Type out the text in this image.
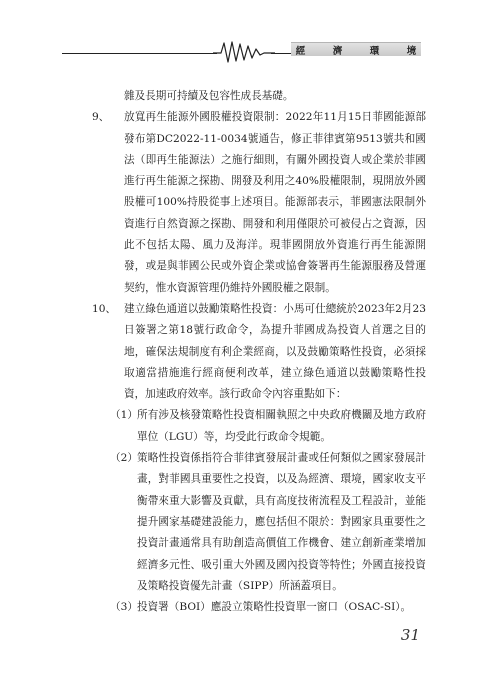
經　濟　環　境

雜及長期可持續及包容性成長基礎。

9、 放寬再生能源外國股權投資限制：2022年11月15日菲國能源部發布第DC2022-11-0034號通告，修正菲律賓第9513號共和國法（即再生能源法）之施行細則，有關外國投資人或企業於菲國進行再生能源之探勘、開發及利用之40%股權限制，現開放外國股權可100%持股從事上述項目。能源部表示，菲國憲法限制外資進行自然資源之探勘、開發和利用僅限於可被侵占之資源，因此不包括太陽、風力及海洋。現菲國開放外資進行再生能源開發，或是與菲國公民或外資企業或協會簽署再生能源服務及營運契約，惟水資源管理仍維持外國股權之限制。
10、 建立綠色通道以鼓勵策略性投資：小馬可仕總統於2023年2月23日簽署之第18號行政命令，為提升菲國成為投資人首選之目的地，確保法規制度有利企業經商，以及鼓勵策略性投資，必須採取適當措施進行經商便利改革，建立綠色通道以鼓勵策略性投資，加速政府效率。該行政命令內容重點如下：
（1） 所有涉及核發策略性投資相關執照之中央政府機關及地方政府單位（LGU）等，均受此行政命令規範。
（2） 策略性投資係指符合菲律賓發展計畫或任何類似之國家發展計畫，對菲國具重要性之投資，以及為經濟、環境，國家收支平衡帶來重大影響及貢獻，具有高度技術流程及工程設計，並能提升國家基礎建設能力，應包括但不限於：對國家具重要性之投資計畫通常具有助創造高價值工作機會、建立創新產業增加經濟多元性、吸引重大外國及國內投資等特性；外國直接投資及策略投資優先計畫（SIPP）所涵蓋項目。
（3） 投資署（BOI）應設立策略性投資單一窗口（OSAC-SI）。
31
